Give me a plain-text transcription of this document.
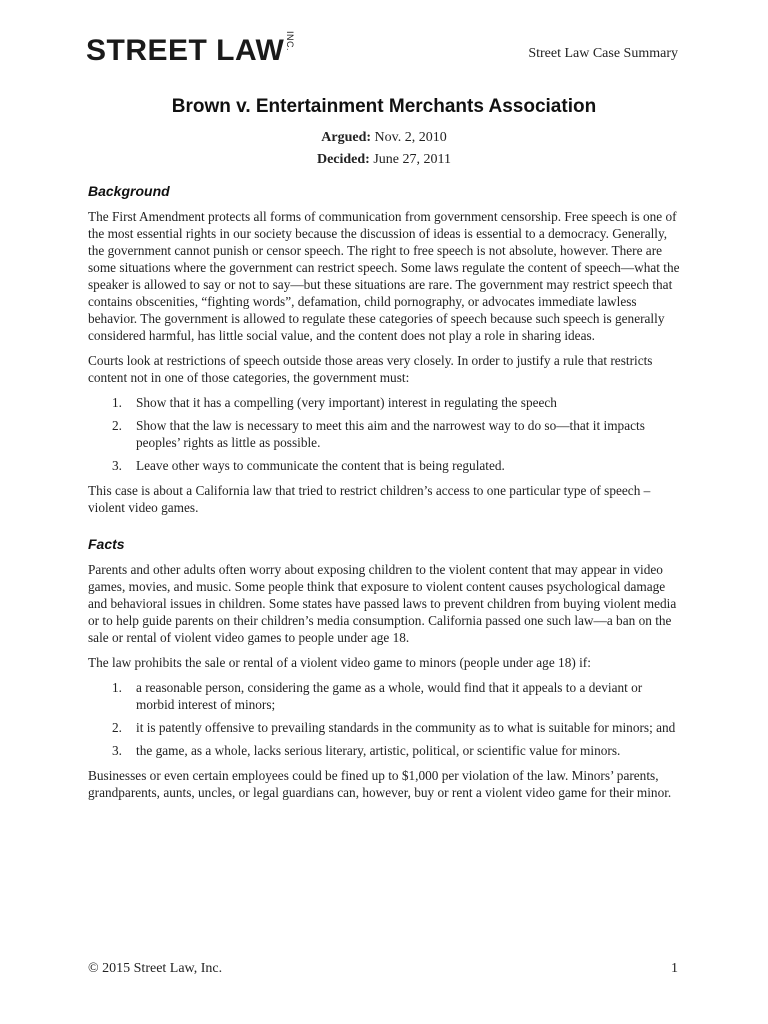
STREET LAWINC.
Street Law Case Summary
Brown v. Entertainment Merchants Association
Argued: Nov. 2, 2010
Decided: June 27, 2011
Background

The First Amendment protects all forms of communication from government censorship. Free speech is one of the most essential rights in our society because the discussion of ideas is essential to a democracy. Generally, the government cannot punish or censor speech. The right to free speech is not absolute, however. There are some situations where the government can restrict speech. Some laws regulate the content of speech—what the speaker is allowed to say or not to say—but these situations are rare. The government may restrict speech that contains obscenities, “fighting words”, defamation, child pornography, or advocates immediate lawless behavior. The government is allowed to regulate these categories of speech because such speech is generally considered harmful, has little social value, and the content does not play a role in sharing ideas.

Courts look at restrictions of speech outside those areas very closely. In order to justify a rule that restricts content not in one of those categories, the government must:

1.	Show that it has a compelling (very important) interest in regulating the speech
2.	Show that the law is necessary to meet this aim and the narrowest way to do so—that it impacts peoples’ rights as little as possible.
3.	Leave other ways to communicate the content that is being regulated.

This case is about a California law that tried to restrict children’s access to one particular type of speech –violent video games.

Facts

Parents and other adults often worry about exposing children to the violent content that may appear in video games, movies, and music. Some people think that exposure to violent content causes psychological damage and behavioral issues in children. Some states have passed laws to prevent children from buying violent media or to help guide parents on their children’s media consumption. California passed one such law—a ban on the sale or rental of violent video games to people under age 18.

The law prohibits the sale or rental of a violent video game to minors (people under age 18) if:

1.	a reasonable person, considering the game as a whole, would find that it appeals to a deviant or morbid interest of minors;
2.	it is patently offensive to prevailing standards in the community as to what is suitable for minors; and
3.	the game, as a whole, lacks serious literary, artistic, political, or scientific value for minors.

Businesses or even certain employees could be fined up to $1,000 per violation of the law. Minors’ parents, grandparents, aunts, uncles, or legal guardians can, however, buy or rent a violent video game for their minor.

© 2015 Street Law, Inc.	1
